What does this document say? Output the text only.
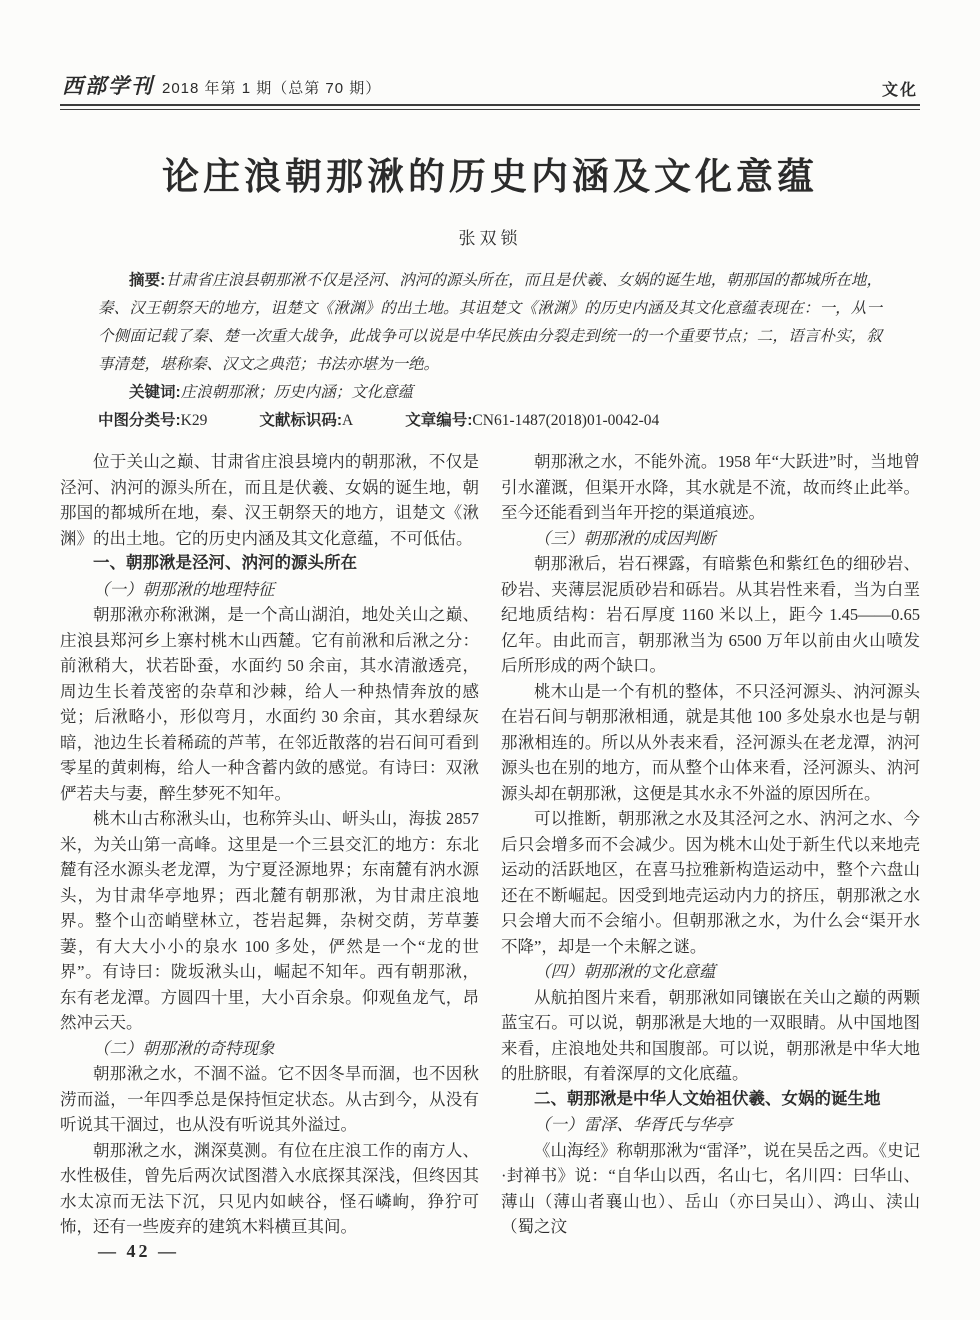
西部学刊 2018 年第 1 期（总第 70 期）	文化
论庄浪朝那湫的历史内涵及文化意蕴
张双锁

摘要:甘肃省庄浪县朝那湫不仅是泾河、汭河的源头所在，而且是伏羲、女娲的诞生地，朝那国的都城所在地，秦、汉王朝祭天的地方，诅楚文《湫渊》的出土地。其诅楚文《湫渊》的历史内涵及其文化意蕴表现在：一，从一个侧面记载了秦、楚一次重大战争，此战争可以说是中华民族由分裂走到统一的一个重要节点；二，语言朴实，叙事清楚，堪称秦、汉文之典范；书法亦堪为一绝。

关键词:庄浪朝那湫；历史内涵；文化意蕴

中图分类号:K29	文献标识码:A	文章编号:CN61-1487(2018)01-0042-04

位于关山之巅、甘肃省庄浪县境内的朝那湫，不仅是泾河、汭河的源头所在，而且是伏羲、女娲的诞生地，朝那国的都城所在地，秦、汉王朝祭天的地方，诅楚文《湫渊》的出土地。它的历史内涵及其文化意蕴，不可低估。

一、朝那湫是泾河、汭河的源头所在

（一）朝那湫的地理特征

朝那湫亦称湫渊，是一个高山湖泊，地处关山之巅、庄浪县郑河乡上寨村桃木山西麓。它有前湫和后湫之分：前湫稍大，状若卧蚕，水面约 50 余亩，其水清澈透亮，周边生长着茂密的杂草和沙棘，给人一种热情奔放的感觉；后湫略小，形似弯月，水面约 30 余亩，其水碧绿灰暗，池边生长着稀疏的芦苇，在邻近散落的岩石间可看到零星的黄刺梅，给人一种含蓄内敛的感觉。有诗曰：双湫俨若夫与妻，醉生梦死不知年。

桃木山古称湫头山，也称笄头山、岍头山，海拔 2857 米，为关山第一高峰。这里是一个三县交汇的地方：东北麓有泾水源头老龙潭，为宁夏泾源地界；东南麓有汭水源头，为甘肃华亭地界；西北麓有朝那湫，为甘肃庄浪地界。整个山峦峭壁林立，苍岩起舞，杂树交荫，芳草萋萋，有大大小小的泉水 100 多处，俨然是一个“龙的世界”。有诗曰：陇坂湫头山，崛起不知年。西有朝那湫，东有老龙潭。方圆四十里，大小百余泉。仰观鱼龙气，昂然冲云天。

（二）朝那湫的奇特现象

朝那湫之水，不涸不溢。它不因冬旱而涸，也不因秋涝而溢，一年四季总是保持恒定状态。从古到今，从没有听说其干涸过，也从没有听说其外溢过。

朝那湫之水，渊深莫测。有位在庄浪工作的南方人、水性极佳，曾先后两次试图潜入水底探其深浅，但终因其水太凉而无法下沉，只见内如峡谷，怪石嶙峋，狰狞可怖，还有一些废弃的建筑木料横亘其间。

朝那湫之水，不能外流。1958 年“大跃进”时，当地曾引水灌溉，但渠开水降，其水就是不流，故而终止此举。至今还能看到当年开挖的渠道痕迹。

（三）朝那湫的成因判断

朝那湫后，岩石裸露，有暗紫色和紫红色的细砂岩、砂岩、夹薄层泥质砂岩和砾岩。从其岩性来看，当为白垩纪地质结构：岩石厚度 1160 米以上，距今 1.45——0.65 亿年。由此而言，朝那湫当为 6500 万年以前由火山喷发后所形成的两个缺口。

桃木山是一个有机的整体，不只泾河源头、汭河源头在岩石间与朝那湫相通，就是其他 100 多处泉水也是与朝那湫相连的。所以从外表来看，泾河源头在老龙潭，汭河源头也在别的地方，而从整个山体来看，泾河源头、汭河源头却在朝那湫，这便是其水永不外溢的原因所在。

可以推断，朝那湫之水及其泾河之水、汭河之水、今后只会增多而不会减少。因为桃木山处于新生代以来地壳运动的活跃地区，在喜马拉雅新构造运动中，整个六盘山还在不断崛起。因受到地壳运动内力的挤压，朝那湫之水只会增大而不会缩小。但朝那湫之水，为什么会“渠开水不降”，却是一个未解之谜。

（四）朝那湫的文化意蕴

从航拍图片来看，朝那湫如同镶嵌在关山之巅的两颗蓝宝石。可以说，朝那湫是大地的一双眼睛。从中国地图来看，庄浪地处共和国腹部。可以说，朝那湫是中华大地的肚脐眼，有着深厚的文化底蕴。

二、朝那湫是中华人文始祖伏羲、女娲的诞生地

（一）雷泽、华胥氏与华亭

《山海经》称朝那湫为“雷泽”，说在吴岳之西。《史记·封禅书》说：“自华山以西，名山七，名川四：曰华山、薄山（薄山者襄山也）、岳山（亦曰吴山）、鸿山、渎山（蜀之汶

— 42 —
